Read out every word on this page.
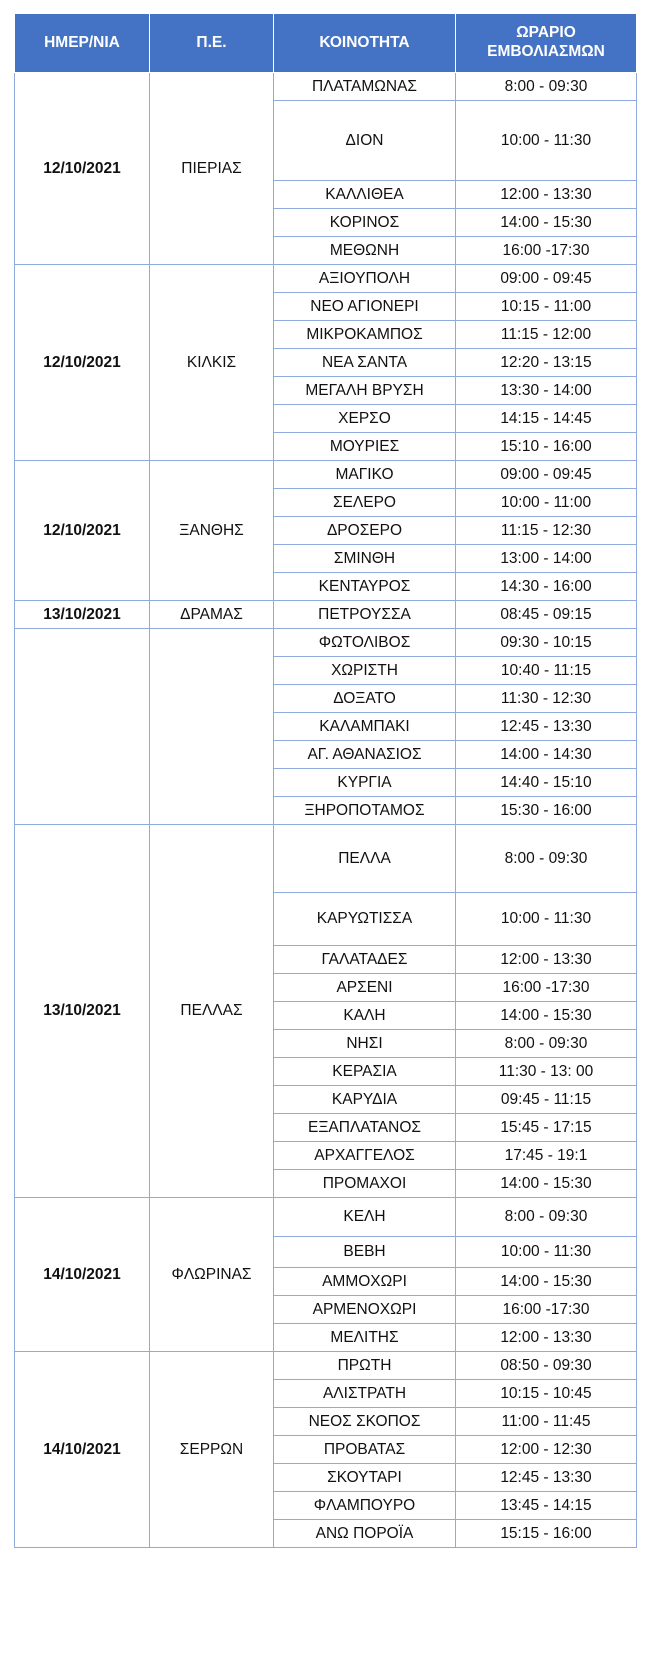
ΗΜΕΡ/ΝΙΑ	Π.Ε.	ΚΟΙΝΟΤΗΤΑ	ΩΡΑΡΙΟ ΕΜΒΟΛΙΑΣΜΩΝ
12/10/2021	ΠΙΕΡΙΑΣ	ΠΛΑΤΑΜΩΝΑΣ	8:00 - 09:30
		ΔΙΟΝ	10:00 - 11:30
		ΚΑΛΛΙΘΕΑ	12:00 - 13:30
		ΚΟΡΙΝΟΣ	14:00 - 15:30
		ΜΕΘΩΝΗ	16:00 -17:30
12/10/2021	ΚΙΛΚΙΣ	ΑΞΙΟΥΠΟΛΗ	09:00 - 09:45
		ΝΕΟ ΑΓΙΟΝΕΡΙ	10:15 - 11:00
		ΜΙΚΡΟΚΑΜΠΟΣ	11:15 - 12:00
		ΝΕΑ ΣΑΝΤΑ	12:20 - 13:15
		ΜΕΓΑΛΗ ΒΡΥΣΗ	13:30 - 14:00
		ΧΕΡΣΟ	14:15 - 14:45
		ΜΟΥΡΙΕΣ	15:10 - 16:00
12/10/2021	ΞΑΝΘΗΣ	ΜΑΓΙΚΟ	09:00 - 09:45
		ΣΕΛΕΡΟ	10:00 - 11:00
		ΔΡΟΣΕΡΟ	11:15 - 12:30
		ΣΜΙΝΘΗ	13:00 - 14:00
		ΚΕΝΤΑΥΡΟΣ	14:30 - 16:00
13/10/2021	ΔΡΑΜΑΣ	ΠΕΤΡΟΥΣΣΑ	08:45 - 09:15
		ΦΩΤΟΛΙΒΟΣ	09:30 - 10:15
		ΧΩΡΙΣΤΗ	10:40 - 11:15
		ΔΟΞΑΤΟ	11:30 - 12:30
		ΚΑΛΑΜΠΑΚΙ	12:45 - 13:30
		ΑΓ. ΑΘΑΝΑΣΙΟΣ	14:00 - 14:30
		ΚΥΡΓΙΑ	14:40 - 15:10
		ΞΗΡΟΠΟΤΑΜΟΣ	15:30 - 16:00
13/10/2021	ΠΕΛΛΑΣ	ΠΕΛΛΑ	8:00 - 09:30
		ΚΑΡΥΩΤΙΣΣΑ	10:00 - 11:30
		ΓΑΛΑΤΑΔΕΣ	12:00 - 13:30
		ΑΡΣΕΝΙ	16:00 -17:30
		ΚΑΛΗ	14:00 - 15:30
		ΝΗΣΙ	8:00 - 09:30
		ΚΕΡΑΣΙΑ	11:30 - 13: 00
		ΚΑΡΥΔΙΑ	09:45 - 11:15
		ΕΞΑΠΛΑΤΑΝΟΣ	15:45 - 17:15
		ΑΡΧΑΓΓΕΛΟΣ	17:45 - 19:1
		ΠΡΟΜΑΧΟΙ	14:00 - 15:30
14/10/2021	ΦΛΩΡΙΝΑΣ	ΚΕΛΗ	8:00 - 09:30
		ΒΕΒΗ	10:00 - 11:30
		ΑΜΜΟΧΩΡΙ	14:00 - 15:30
		ΑΡΜΕΝΟΧΩΡΙ	16:00 -17:30
		ΜΕΛΙΤΗΣ	12:00 - 13:30
14/10/2021	ΣΕΡΡΩΝ	ΠΡΩΤΗ	08:50 - 09:30
		ΑΛΙΣΤΡΑΤΗ	10:15 - 10:45
		ΝΕΟΣ ΣΚΟΠΟΣ	11:00 - 11:45
		ΠΡΟΒΑΤΑΣ	12:00 - 12:30
		ΣΚΟΥΤΑΡΙ	12:45 - 13:30
		ΦΛΑΜΠΟΥΡΟ	13:45 - 14:15
		ΑΝΩ ΠΟΡΟΪΑ	15:15 - 16:00
